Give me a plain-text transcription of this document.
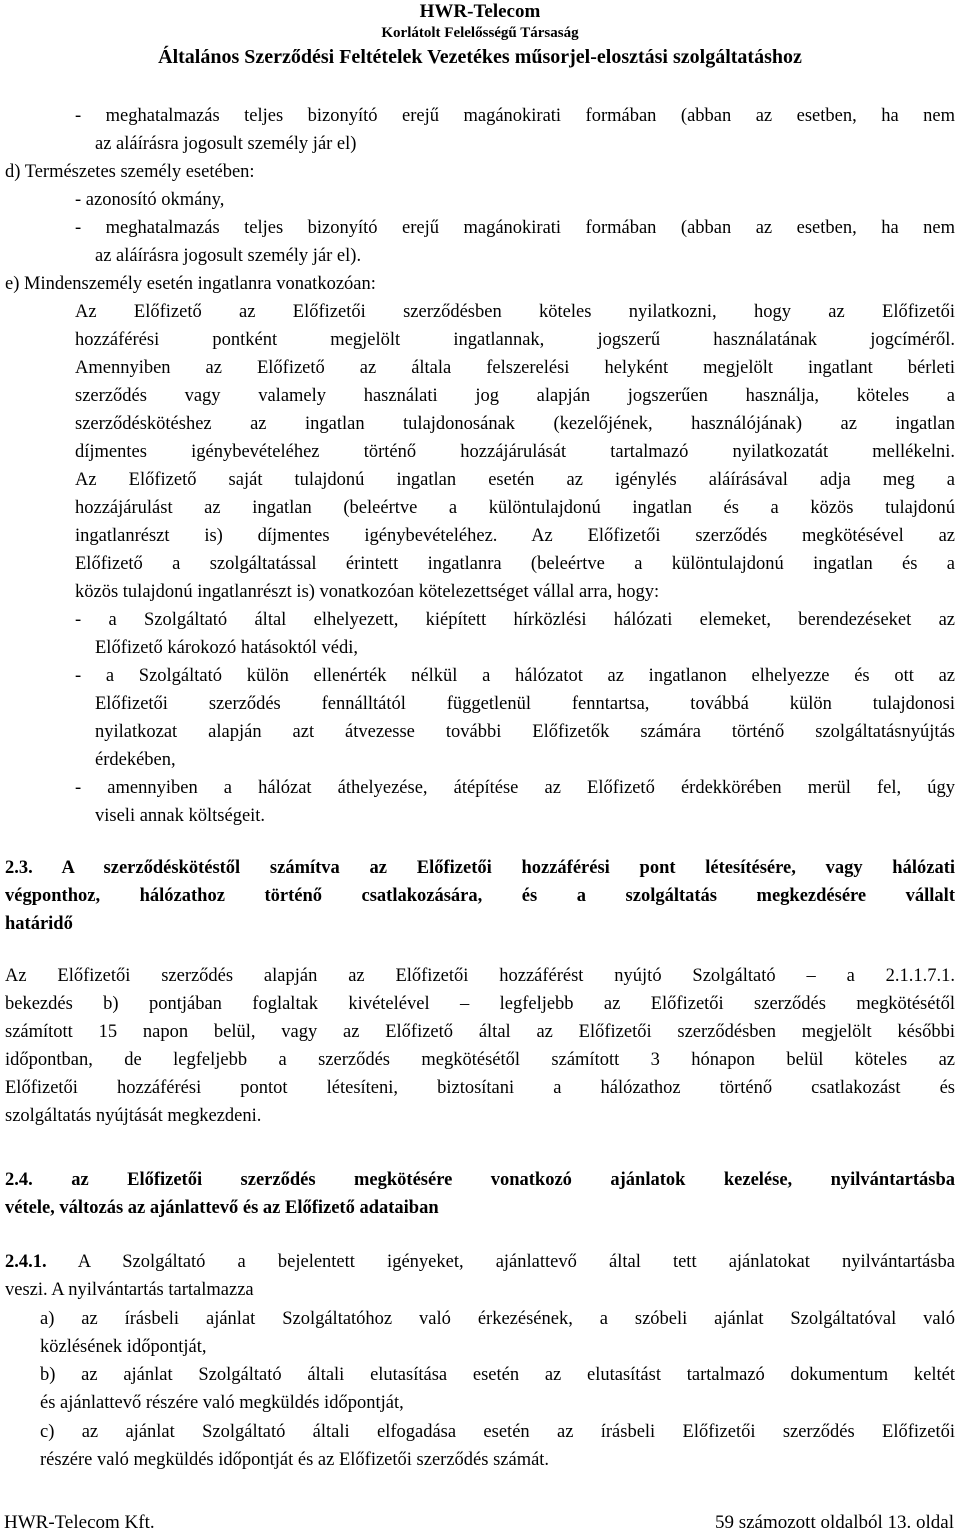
HWR-Telecom
Korlátolt Felelősségű Társaság
Általános Szerződési Feltételek Vezetékes műsorjel-elosztási szolgáltatáshoz
- meghatalmazás teljes bizonyító erejű magánokirati formában (abban az esetben, ha nem
az aláírásra jogosult személy jár el)
d) Természetes személy esetében:
- azonosító okmány,
- meghatalmazás teljes bizonyító erejű magánokirati formában (abban az esetben, ha nem
az aláírásra jogosult személy jár el).
e) Mindenszemély esetén ingatlanra vonatkozóan:
Az Előfizető az Előfizetői szerződésben köteles nyilatkozni, hogy az Előfizetői
hozzáférési pontként megjelölt ingatlannak, jogszerű használatának jogcíméről.
Amennyiben az Előfizető az általa felszerelési helyként megjelölt ingatlant bérleti
szerződés vagy valamely használati jog alapján jogszerűen használja, köteles a
szerződéskötéshez az ingatlan tulajdonosának (kezelőjének, használójának) az ingatlan
díjmentes igénybevételéhez történő hozzájárulását tartalmazó nyilatkozatát mellékelni.
Az Előfizető saját tulajdonú ingatlan esetén az igénylés aláírásával adja meg a
hozzájárulást az ingatlan (beleértve a különtulajdonú ingatlan és a közös tulajdonú
ingatlanrészt is) díjmentes igénybevételéhez. Az Előfizetői szerződés megkötésével az
Előfizető a szolgáltatással érintett ingatlanra (beleértve a különtulajdonú ingatlan és a
közös tulajdonú ingatlanrészt is) vonatkozóan kötelezettséget vállal arra, hogy:
- a Szolgáltató által elhelyezett, kiépített hírközlési hálózati elemeket, berendezéseket az
Előfizető károkozó hatásoktól védi,
- a Szolgáltató külön ellenérték nélkül a hálózatot az ingatlanon elhelyezze és ott az
Előfizetői szerződés fennálltától függetlenül fenntartsa, továbbá külön tulajdonosi
nyilatkozat alapján azt átvezesse további Előfizetők számára történő szolgáltatásnyújtás
érdekében,
- amennyiben a hálózat áthelyezése, átépítése az Előfizető érdekkörében merül fel, úgy
viseli annak költségeit.
2.3. A szerződéskötéstől számítva az Előfizetői hozzáférési pont létesítésére, vagy hálózati
végponthoz, hálózathoz történő csatlakozására, és a szolgáltatás megkezdésére vállalt
határidő
Az Előfizetői szerződés alapján az Előfizetői hozzáférést nyújtó Szolgáltató – a 2.1.1.7.1.
bekezdés b) pontjában foglaltak kivételével – legfeljebb az Előfizetői szerződés megkötésétől
számított 15 napon belül, vagy az Előfizető által az Előfizetői szerződésben megjelölt későbbi
időpontban, de legfeljebb a szerződés megkötésétől számított 3 hónapon belül köteles az
Előfizetői hozzáférési pontot létesíteni, biztosítani a hálózathoz történő csatlakozást és
szolgáltatás nyújtását megkezdeni.
2.4. az Előfizetői szerződés megkötésére vonatkozó ajánlatok kezelése, nyilvántartásba
vétele, változás az ajánlattevő és az Előfizető adataiban
2.4.1. A Szolgáltató a bejelentett igényeket, ajánlattevő által tett ajánlatokat nyilvántartásba
veszi. A nyilvántartás tartalmazza
a) az írásbeli ajánlat Szolgáltatóhoz való érkezésének, a szóbeli ajánlat Szolgáltatóval való
közlésének időpontját,
b) az ajánlat Szolgáltató általi elutasítása esetén az elutasítást tartalmazó dokumentum keltét
és ajánlattevő részére való megküldés időpontját,
c) az ajánlat Szolgáltató általi elfogadása esetén az írásbeli Előfizetői szerződés Előfizetői
részére való megküldés időpontját és az Előfizetői szerződés számát.
HWR-Telecom Kft.	59 számozott oldalból 13. oldal
